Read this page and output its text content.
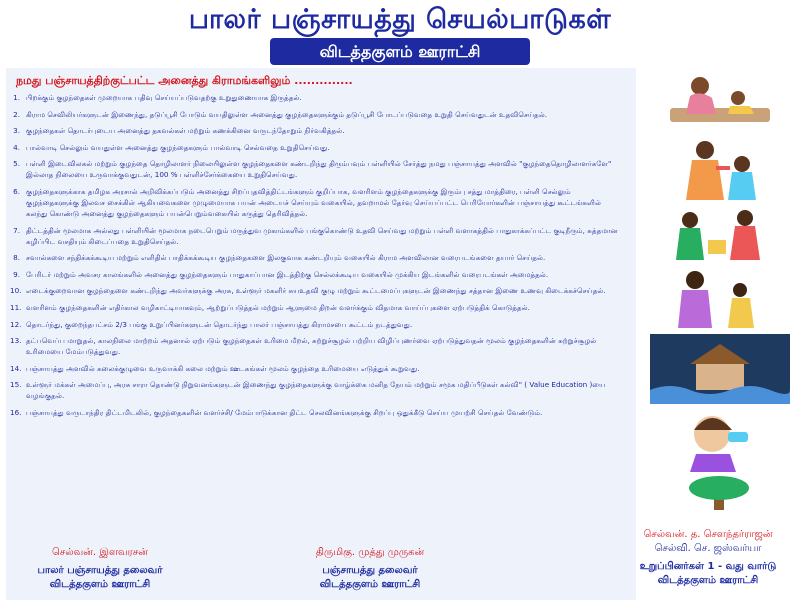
பாலர் பஞ்சாயத்து செயல்பாடுகள்
விடத்தகுளம் ஊராட்சி
நமது பஞ்சாயத்திற்குட்பட்ட அனைத்து கிராமங்களிலும் ..............
1. பிறக்கும் குழந்தைகள் முறையாக பதிவு செய்யப்படுவதற்கு உறுதுணையாக இருத்தல்.
2. கிராம செவிலியர்களுடன் இணைந்து, தடுப்பூசி போடும் வயதிலுள்ள அனைத்து குழந்தைகளுக்கும் தடுப்பூசி போடப்படுவதை உறுதி செய்வதுடன் உதவிசெய்தல்.
3. குழந்தைகள் தொடர்புடைய அனைத்து தகவல்கள் மற்றும் கணக்கினை வருடந்தோறும் நிர்வகித்தல்.
4. பால்வாடி செல்லும் வயதுள்ள அனைத்து குழந்தைகளும் பால்வாடி செல்வதை உறுதிசெய்வது.
5. பள்ளி இடைவிலகல் மற்றும் குழந்தை தொழிலாளர் நிலையிலுள்ள குழந்தைகளை கண்டறிந்து திரும்பவும் பள்ளியில் சேர்த்து நமது பஞ்சாயத்து அளவில் "குழந்தைதொழிலாளர்களே" இல்லாத நிலையை உருவாக்குவதுடன், 100 % பள்ளிச்சேர்க்கையை உறுதிசெய்வது.
6. குழந்தைகளுக்காக தமிழக அரசால் அறிவிக்கப்படும் அனைத்து சிறப்புதவித்திட்டங்களும் குறிப்பாக, வளரிளம் குழந்தைகளுக்கு இரும்பு சத்து மாத்திரை, பள்ளி செல்லும் குழந்தைகளுக்கு இலவச சைக்கிள் ஆகியவைகளை முழுமையாக பயன் அடையச் செய்யும் வகையில், தவறாமல் தேர்வு செய்யப்பட்ட பெரியோர்களின் பஞ்சாயத்து கூட்டங்களில் கலந்து கொண்டு அனைத்து குழந்தைகளும் பயன்பெறும்வகையில் கருத்து தெரிவித்தல்.
7. திட்டத்தின் மூலமாக அல்லது பள்ளியின் மூலமாக நடைபெறும் மருத்துவ முகாம்களில் பங்குகொண்டு உதவி செய்வது மற்றும் பள்ளி வளாகத்தில் பாதுகாக்கப்பட்ட குடிநீரும், சுத்தமான கழிப்பிட வசதியும் கிடைப்பதை உறுதிசெய்தல்.
8. சவால்களை சந்திக்கக்கூடிய மற்றும் எளிதில் பாதிக்கக்கூடிய குழந்தைகளை இலகுவாக கண்டறியும் வகையில் கிராம அளவிலான வரைபடங்களை தயார் செய்தல்.
9. பேரிடர் மற்றும் அவசர காலங்களில் அனைத்து குழந்தைகளும் பாதுகாப்பான இடத்திற்கு செல்லக்கூடிய வகையில் முக்கிய இடங்களில் வரைபடங்கள் அமைத்தல்.
10. எடைக்குறைவான குழந்தைளை கண்டறிந்து அவர்களுக்கு அரசு, உள்ளூர் மகளிர் சுயஉதவி குழு மற்றும் கூட்டமைப்புகளுடன் இணைந்து சத்தான இணை உணவு கிடைக்கச்செய்தல்.
11. வளரிளம் குழந்தைகளின் எதிர்கால வழிகாட்டியாகவும், ஆற்றுப்படுத்தல் மற்றும் ஆளுமை திறன் வளர்க்கும் விதமாக வாய்ப்புகளை ஏற்படுத்திக் கொடுத்தல்.
12. தொடர்ந்து, குறைந்தபட்சம் 2/3 பங்கு உறுப்பினர்களுடன் தொடர்ந்து பாலர் பஞ்சாயத்து கிராமசபை கூட்டம் நடத்துவது.
13. தட்பவெப்ப மாறுதல், காலநிலை மாற்றம் அதனால் ஏற்படும் குழந்தைகள் உரிமை மீறல், சுற்றுச்சூழல் பற்றிய விழிப்புணர்வை ஏற்படுத்துவதன் மூலம் குழந்தைகளின் சுற்றுச்சூழல் உரிமையை மேம்படுத்துவது.
14. பஞ்சாயத்து அளவில் கலைக்குழுவை உருவாக்கி கலை மற்றும் ஊடகங்கள் மூலம் குழந்தை உரிமையை எடுத்துக் கூறுவது.
15. உள்ளூர் மக்கள் அமைப்பு, அரசு சாரா தொண்டு நிறுவனங்களுடன் இணைந்து குழந்தைகளுக்கு வாழ்க்கை மனித நேயம் மற்றும் சமூக மதிப்பீடுகள் கல்வி" ( Value Education )யை வழங்குதல்.
16. பஞ்சாயத்து வருடாந்திர திட்டமிடலில், குழந்தைகளின் வளர்ச்சி/ மேம்பாடுக்கான திட்ட செலவினங்களுக்கு சிறப்பு ஒதுக்கீடு செய்ய முயற்சி செய்தல் வேண்டும்.
செல்வன். இளவரசன்
பாலர் பஞ்சாயத்து தலைவர்
விடத்தகுளம் ஊராட்சி
திருமிகு. முத்து முருகன்
பஞ்சாயத்து தலைவர்
விடத்தகுளம் ஊராட்சி
செல்வன். த. சௌந்தர்ராஜன்
செல்வி. செ. ஜஸ்வர்யா
உறுப்பினர்கள் 1 - வது வார்டு
விடத்தகுளம் ஊராட்சி
